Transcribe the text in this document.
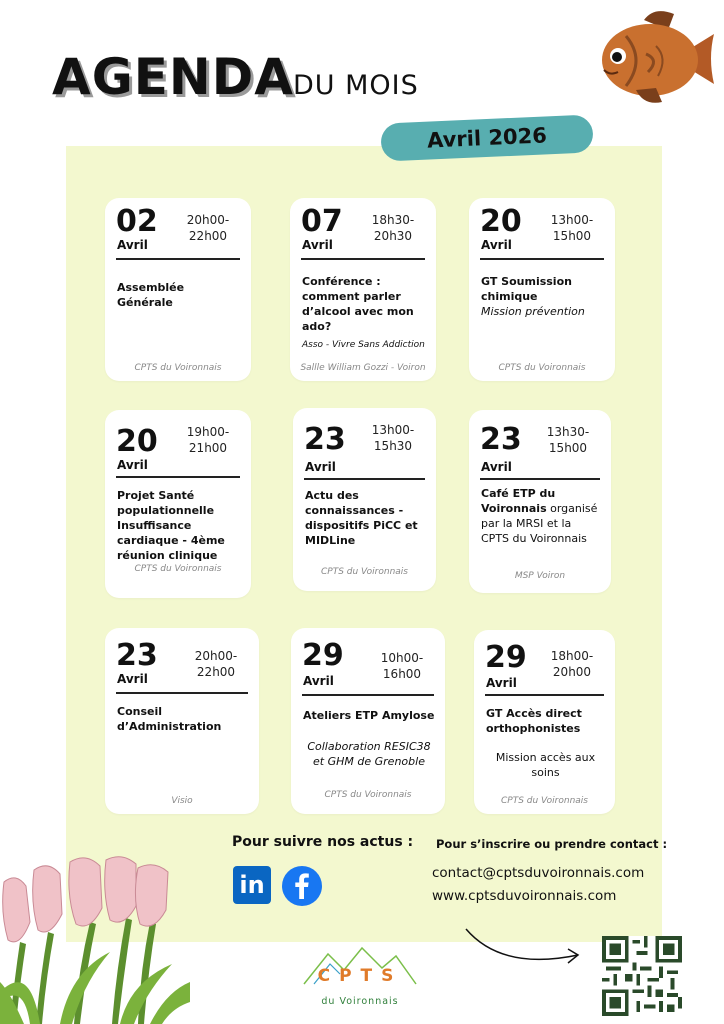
AGENDA DU MOIS
Avril 2026
02
Avril
20h00-22h00
Assemblée Générale
CPTS du Voironnais
07
Avril
18h30-20h30
Conférence : comment parler d’alcool avec mon ado?
Asso - Vivre Sans Addiction
Sallle William Gozzi - Voiron
20
Avril
13h00-15h00
GT Soumission chimique
Mission prévention
CPTS du Voironnais
20
Avril
19h00-21h00
Projet Santé populationnelle Insuffisance cardiaque - 4ème réunion clinique
CPTS du Voironnais
23
Avril
13h00-15h30
Actu des connaissances - dispositifs PiCC et MIDLine
CPTS du Voironnais
23
Avril
13h30-15h00
Café ETP du Voironnais organisé par la MRSI et la CPTS du Voironnais
MSP Voiron
23
Avril
20h00-22h00
Conseil d’Administration
Visio
29
Avril
10h00-16h00
Ateliers ETP Amylose
Collaboration RESIC38 et GHM de Grenoble
CPTS du Voironnais
29
Avril
18h00-20h00
GT Accès direct orthophonistes
Mission accès aux soins
CPTS du Voironnais
Pour suivre nos actus :
in
Pour s’inscrire ou prendre contact :
contact@cptsduvoironnais.com
www.cptsduvoironnais.com
CPTS
du Voironnais
